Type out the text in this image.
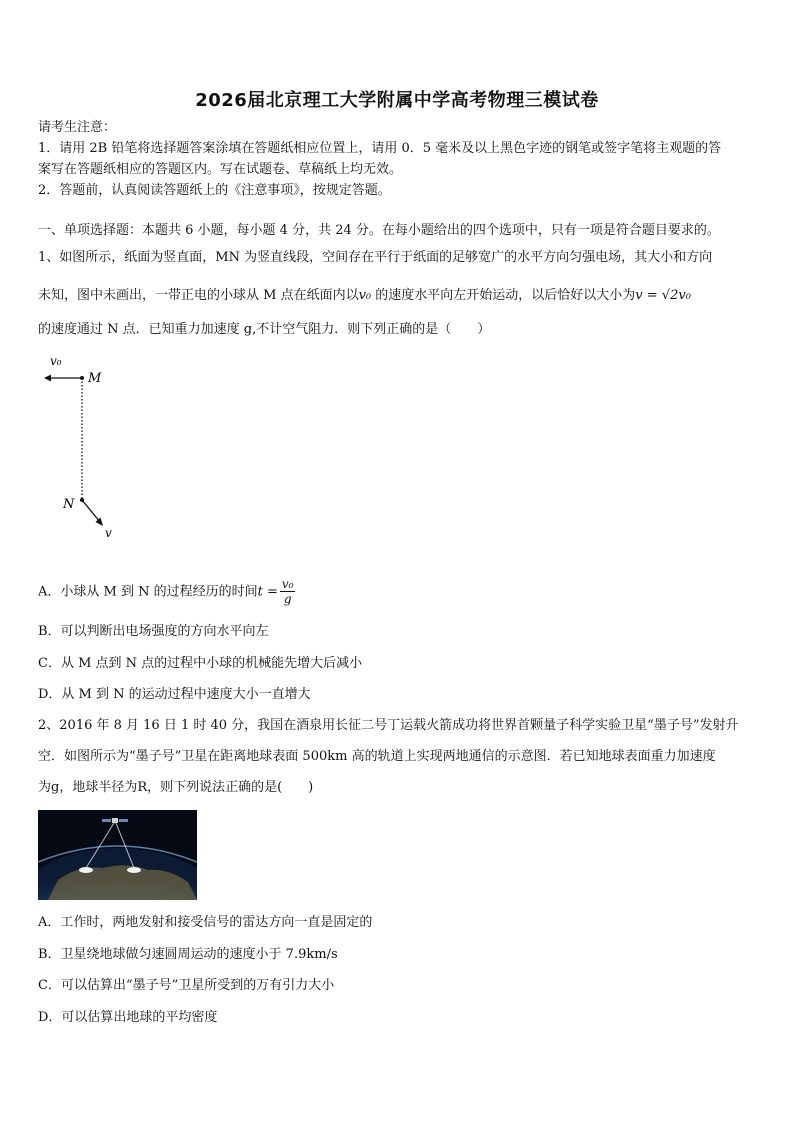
2026届北京理工大学附属中学高考物理三模试卷
请考生注意：
1．请用 2B 铅笔将选择题答案涂填在答题纸相应位置上，请用 0．5 毫米及以上黑色字迹的钢笔或签字笔将主观题的答
案写在答题纸相应的答题区内。写在试题卷、草稿纸上均无效。
2．答题前，认真阅读答题纸上的《注意事项》，按规定答题。
一、单项选择题：本题共 6 小题，每小题 4 分，共 24 分。在每小题给出的四个选项中，只有一项是符合题目要求的。
1、如图所示，纸面为竖直面，MN 为竖直线段，空间存在平行于纸面的足够宽广的水平方向匀强电场，其大小和方向
未知，图中未画出，一带正电的小球从 M 点在纸面内以v₀ 的速度水平向左开始运动，以后恰好以大小为v = √2v₀
的速度通过 N 点．已知重力加速度 g,不计空气阻力．则下列正确的是（　　）
v₀
M
N
v
A．小球从 M 到 N 的过程经历的时间$t = \frac{\text{v₀}}{g}$
B．可以判断出电场强度的方向水平向左
C．从 M 点到 N 点的过程中小球的机械能先增大后减小
D．从 M 到 N 的运动过程中速度大小一直增大
2、2016 年 8 月 16 日 1 时 40 分，我国在酒泉用长征二号丁运载火箭成功将世界首颗量子科学实验卫星“墨子号”发射升
空．如图所示为“墨子号”卫星在距离地球表面 500km 高的轨道上实现两地通信的示意图．若已知地球表面重力加速度
为g，地球半径为R，则下列说法正确的是(　　)
A．工作时，两地发射和接受信号的雷达方向一直是固定的
B．卫星绕地球做匀速圆周运动的速度小于 7.9km/s
C．可以估算出“墨子号”卫星所受到的万有引力大小
D．可以估算出地球的平均密度
